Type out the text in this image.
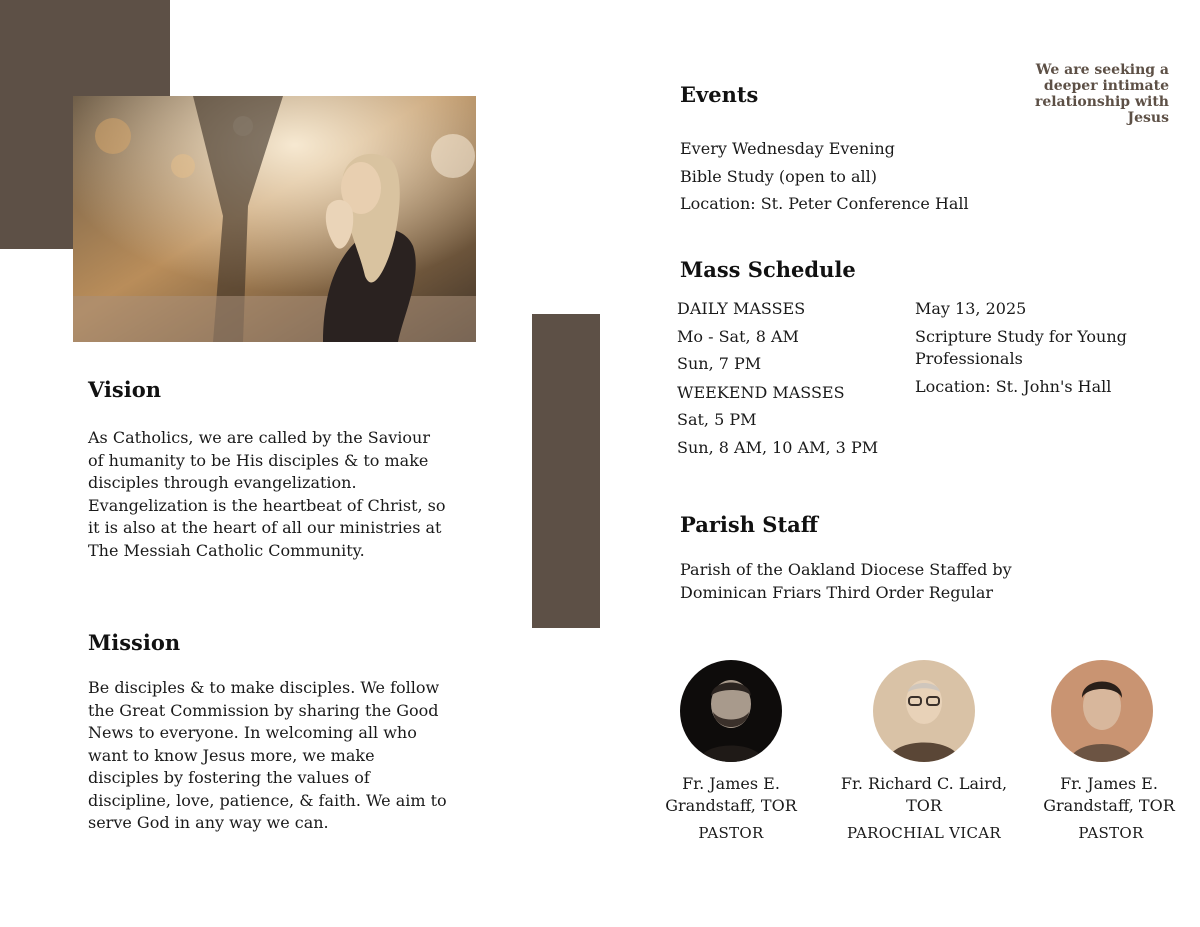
Vision

As Catholics, we are called by the Saviour of humanity to be His disciples & to make disciples through evangelization. Evangelization is the heartbeat of Christ, so it is also at the heart of all our ministries at The Messiah Catholic Community.

Mission

Be disciples & to make disciples. We follow the Great Commission by sharing the Good News to everyone. In welcoming all who want to know Jesus more, we make disciples by fostering the values of discipline, love, patience, & faith. We aim to serve God in any way we can.

We are seeking a deeper intimate relationship with Jesus
Events
Every Wednesday Evening
Bible Study (open to all)
Location: St. Peter Conference Hall
Mass Schedule
DAILY MASSES
Mo - Sat, 8 AM
Sun, 7 PM
WEEKEND MASSES
Sat, 5 PM
Sun, 8 AM, 10 AM, 3 PM
May 13, 2025
Scripture Study for Young Professionals
Location: St. John's Hall
Parish Staff

Parish of the Oakland Diocese Staffed by Dominican Friars Third Order Regular

Fr. James E. Grandstaff, TOR
PASTOR
Fr. Richard C. Laird, TOR
PAROCHIAL VICAR
Fr. James E. Grandstaff, TOR
PASTOR
